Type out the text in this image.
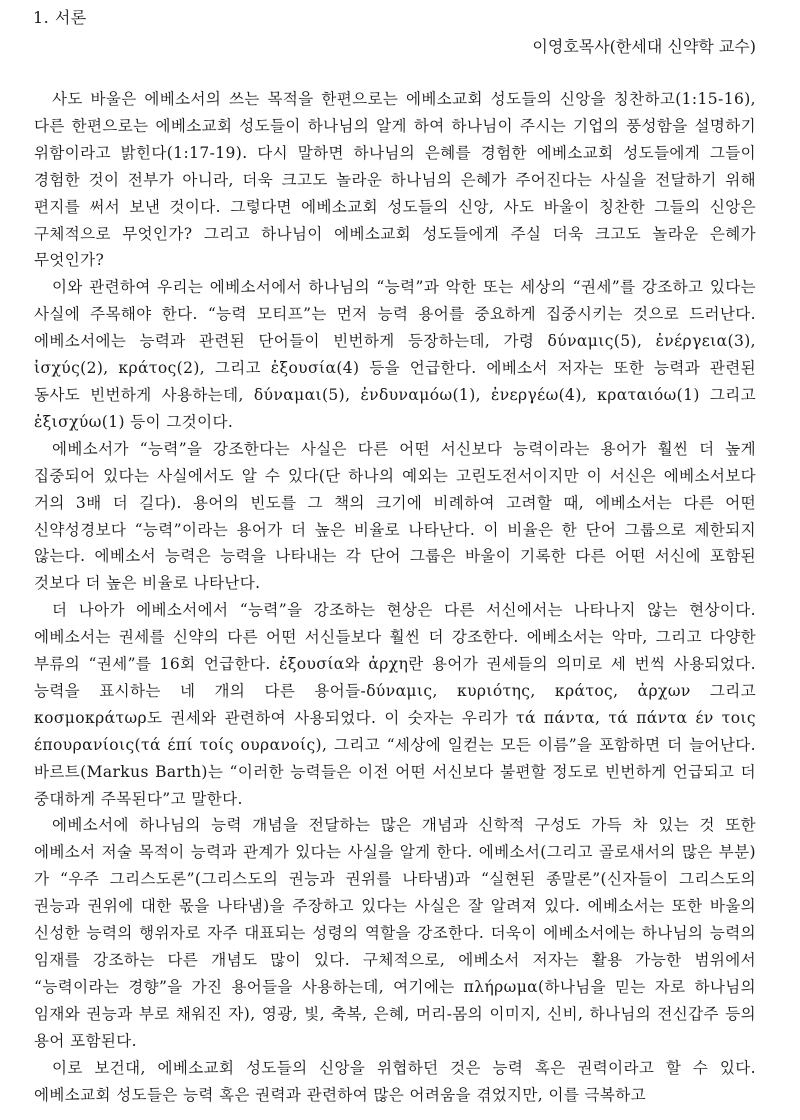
1. 서론
이영호목사(한세대 신약학 교수)

사도 바울은 에베소서의 쓰는 목적을 한편으로는 에베소교회 성도들의 신앙을 칭찬하고(1:15-16), 다른 한편으로는 에베소교회 성도들이 하나님의 알게 하여 하나님이 주시는 기업의 풍성함을 설명하기 위함이라고 밝힌다(1:17-19). 다시 말하면 하나님의 은혜를 경험한 에베소교회 성도들에게 그들이 경험한 것이 전부가 아니라, 더욱 크고도 놀라운 하나님의 은혜가 주어진다는 사실을 전달하기 위해 편지를 써서 보낸 것이다. 그렇다면 에베소교회 성도들의 신앙, 사도 바울이 칭찬한 그들의 신앙은 구체적으로 무엇인가? 그리고 하나님이 에베소교회 성도들에게 주실 더욱 크고도 놀라운 은혜가 무엇인가?

이와 관련하여 우리는 에베소서에서 하나님의 “능력”과 악한 또는 세상의 “권세”를 강조하고 있다는 사실에 주목해야 한다. “능력 모티프”는 먼저 능력 용어를 중요하게 집중시키는 것으로 드러난다. 에베소서에는 능력과 관련된 단어들이 빈번하게 등장하는데, 가령 δύναμις(5), ἐνέργεια(3), ἰσχύς(2), κράτος(2), 그리고 ἐξουσία(4) 등을 언급한다. 에베소서 저자는 또한 능력과 관련된 동사도 빈번하게 사용하는데, δύναμαι(5), ἐνδυναμόω(1), ἐνεργέω(4), κραταιόω(1) 그리고 ἐξισχύω(1) 등이 그것이다.

에베소서가 “능력”을 강조한다는 사실은 다른 어떤 서신보다 능력이라는 용어가 훨씬 더 높게 집중되어 있다는 사실에서도 알 수 있다(단 하나의 예외는 고린도전서이지만 이 서신은 에베소서보다 거의 3배 더 길다). 용어의 빈도를 그 책의 크기에 비례하여 고려할 때, 에베소서는 다른 어떤 신약성경보다 “능력”이라는 용어가 더 높은 비율로 나타난다. 이 비율은 한 단어 그룹으로 제한되지 않는다. 에베소서 능력은 능력을 나타내는 각 단어 그룹은 바울이 기록한 다른 어떤 서신에 포함된 것보다 더 높은 비율로 나타난다.

더 나아가 에베소서에서 “능력”을 강조하는 현상은 다른 서신에서는 나타나지 않는 현상이다. 에베소서는 권세를 신약의 다른 어떤 서신들보다 훨씬 더 강조한다. 에베소서는 악마, 그리고 다양한 부류의 “권세”를 16회 언급한다. ἐξουσία와 ἀρχη란 용어가 권세들의 의미로 세 번씩 사용되었다. 능력을 표시하는 네 개의 다른 용어들-δύναμις, κυριότης, κράτος, ἀρχων 그리고 κοσμοκράτωρ도 권세와 관련하여 사용되었다. 이 숫자는 우리가 τά πάντα, τά πάντα έν τοις έπουρανίοις(τά έπί τοίς ουρανοίς), 그리고 “세상에 일컫는 모든 이름”을 포함하면 더 늘어난다. 바르트(Markus Barth)는 “이러한 능력들은 이전 어떤 서신보다 불편할 정도로 빈번하게 언급되고 더 중대하게 주목된다”고 말한다.

에베소서에 하나님의 능력 개념을 전달하는 많은 개념과 신학적 구성도 가득 차 있는 것 또한 에베소서 저술 목적이 능력과 관계가 있다는 사실을 알게 한다. 에베소서(그리고 골로새서의 많은 부분)가 “우주 그리스도론”(그리스도의 권능과 권위를 나타냄)과 “실현된 종말론”(신자들이 그리스도의 권능과 권위에 대한 몫을 나타냄)을 주장하고 있다는 사실은 잘 알려져 있다. 에베소서는 또한 바울의 신성한 능력의 행위자로 자주 대표되는 성령의 역할을 강조한다. 더욱이 에베소서에는 하나님의 능력의 임재를 강조하는 다른 개념도 많이 있다. 구체적으로, 에베소서 저자는 활용 가능한 범위에서 “능력이라는 경향”을 가진 용어들을 사용하는데, 여기에는 πλήρωμα(하나님을 믿는 자로 하나님의 임재와 권능과 부로 채워진 자), 영광, 빛, 축복, 은혜, 머리-몸의 이미지, 신비, 하나님의 전신갑주 등의 용어 포함된다.

이로 보건대, 에베소교회 성도들의 신앙을 위협하던 것은 능력 혹은 권력이라고 할 수 있다. 에베소교회 성도들은 능력 혹은 권력과 관련하여 많은 어려움을 겪었지만, 이를 극복하고
